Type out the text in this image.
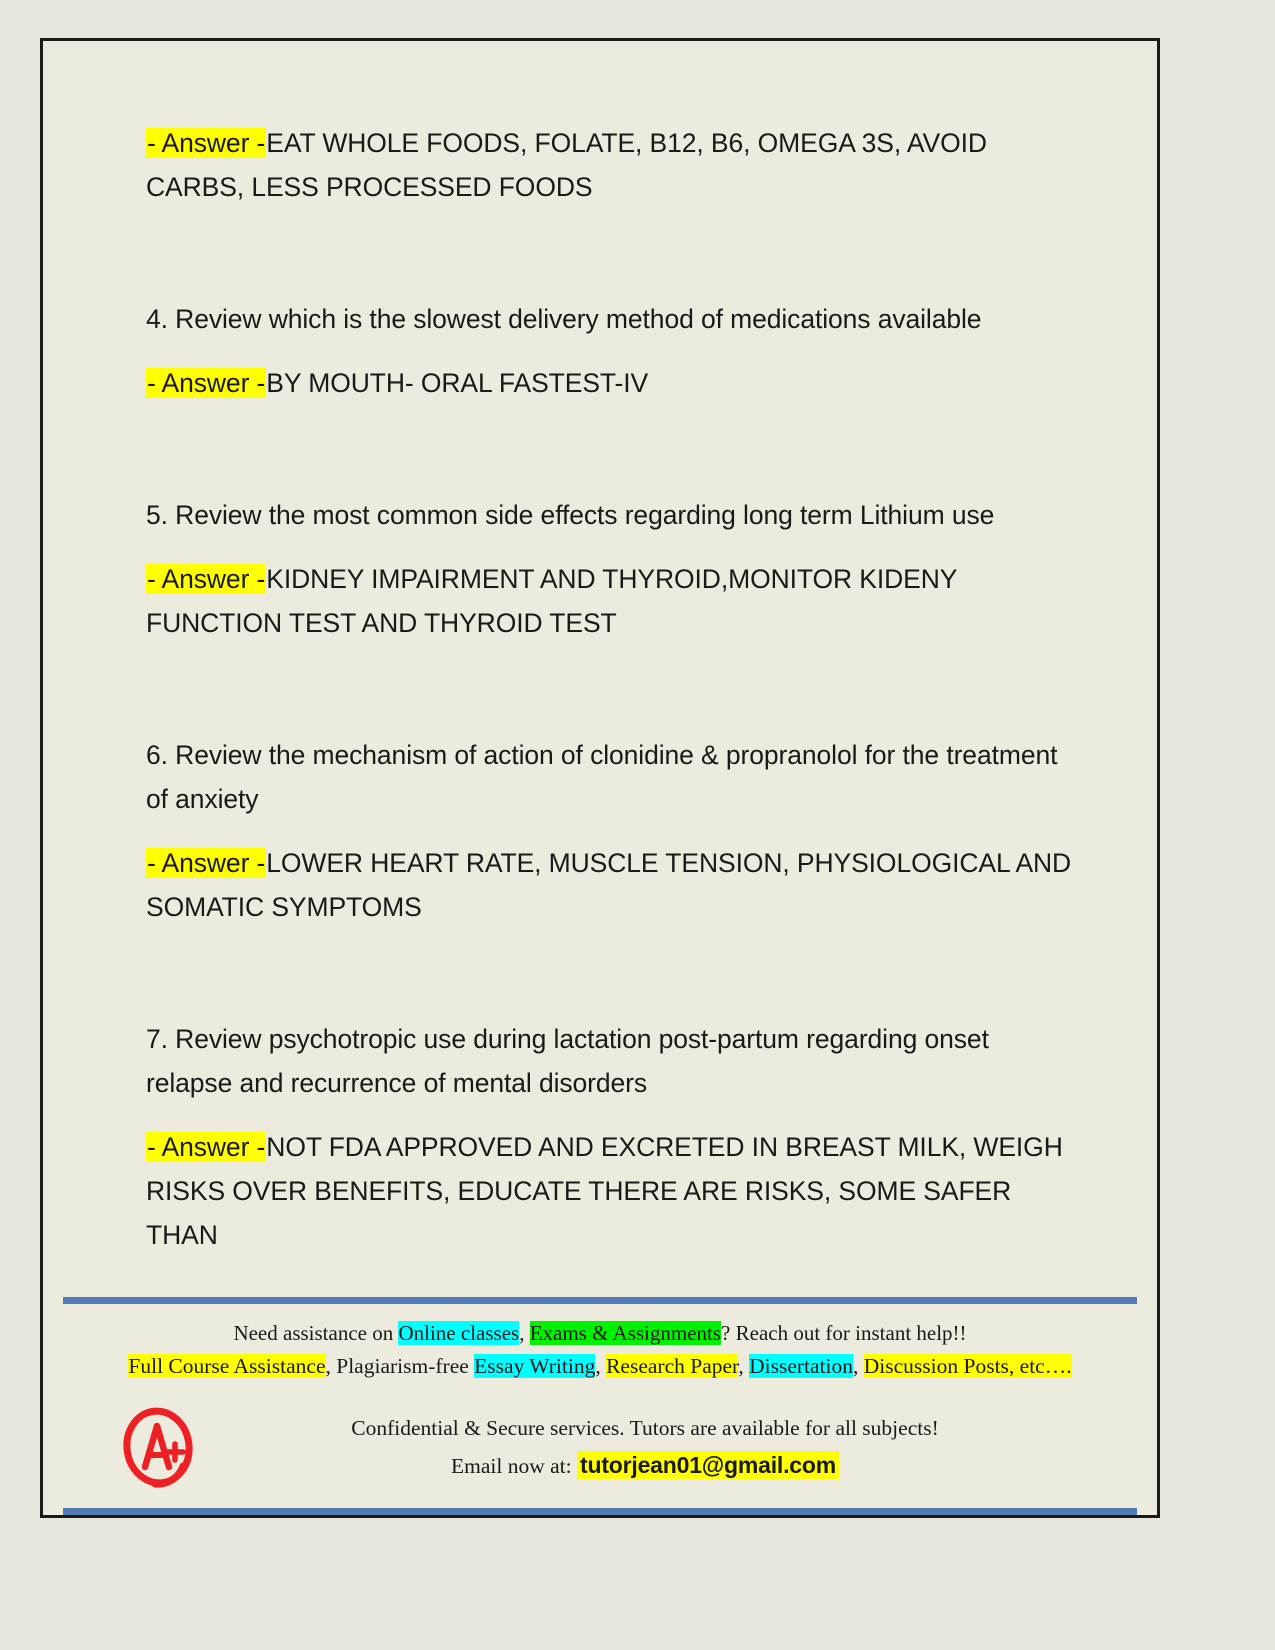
- Answer -EAT WHOLE FOODS, FOLATE, B12, B6, OMEGA 3S, AVOID CARBS, LESS PROCESSED FOODS
4. Review which is the slowest delivery method of medications available
- Answer -BY MOUTH- ORAL FASTEST-IV
5. Review the most common side effects regarding long term Lithium use
- Answer -KIDNEY IMPAIRMENT AND THYROID,MONITOR KIDENY FUNCTION TEST AND THYROID TEST
6. Review the mechanism of action of clonidine & propranolol for the treatment of anxiety
- Answer -LOWER HEART RATE, MUSCLE TENSION, PHYSIOLOGICAL AND SOMATIC SYMPTOMS
7. Review psychotropic use during lactation post-partum regarding onset relapse and recurrence of mental disorders
- Answer -NOT FDA APPROVED AND EXCRETED IN BREAST MILK, WEIGH RISKS OVER BENEFITS, EDUCATE THERE ARE RISKS, SOME SAFER THAN
Need assistance on Online classes, Exams & Assignments? Reach out for instant help!!
Full Course Assistance, Plagiarism-free Essay Writing, Research Paper, Dissertation, Discussion Posts, etc….
Confidential & Secure services. Tutors are available for all subjects!
Email now at: tutorjean01@gmail.com
